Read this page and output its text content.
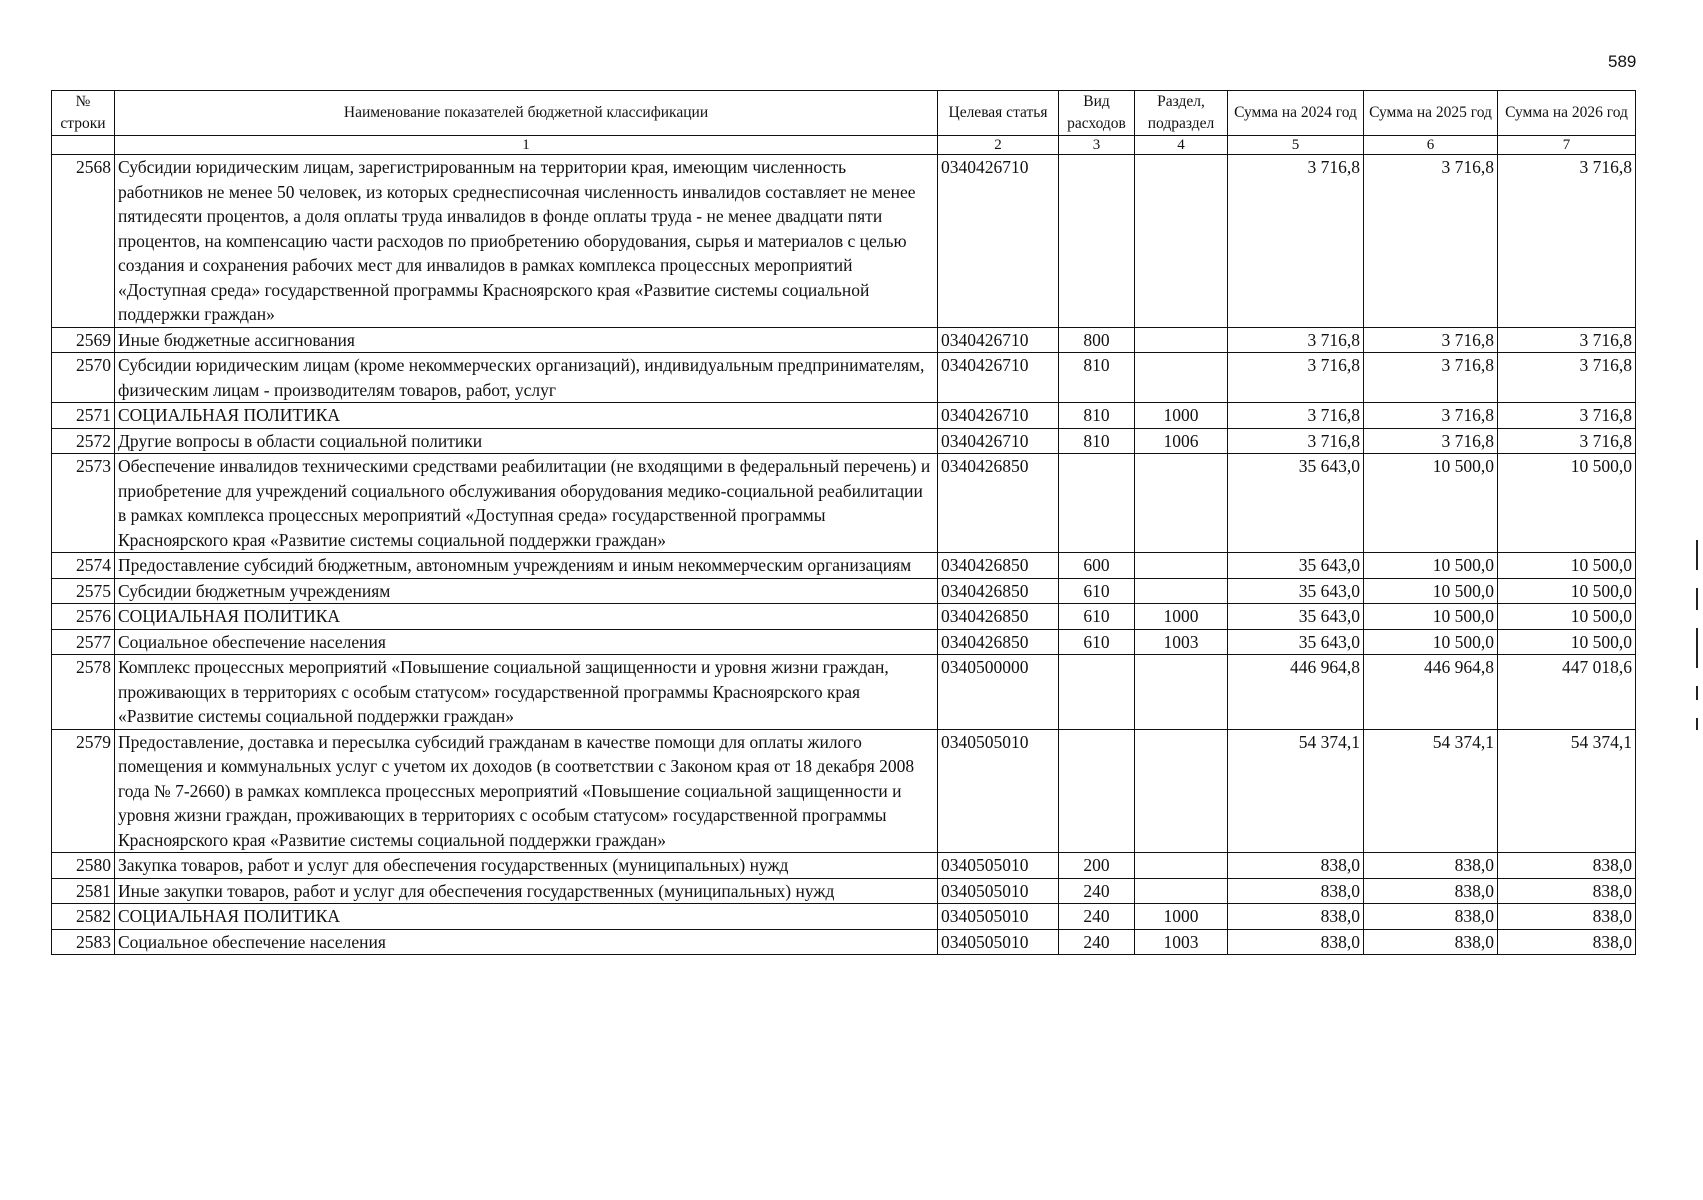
589
№ строки	Наименование показателей бюджетной классификации	Целевая статья	Вид расходов	Раздел, подраздел	Сумма на 2024 год	Сумма на 2025 год	Сумма на 2026 год
	1	2	3	4	5	6	7
2568	Субсидии юридическим лицам, зарегистрированным на территории края, имеющим численность работников не менее 50 человек, из которых среднесписочная численность инвалидов составляет не менее пятидесяти процентов, а доля оплаты труда инвалидов в фонде оплаты труда - не менее двадцати пяти процентов, на компенсацию части расходов по приобретению оборудования, сырья и материалов с целью создания и сохранения рабочих мест для инвалидов в рамках комплекса процессных мероприятий «Доступная среда» государственной программы Красноярского края «Развитие системы социальной поддержки граждан»	0340426710			3 716,8	3 716,8	3 716,8
2569	Иные бюджетные ассигнования	0340426710	800		3 716,8	3 716,8	3 716,8
2570	Субсидии юридическим лицам (кроме некоммерческих организаций), индивидуальным предпринимателям, физическим лицам - производителям товаров, работ, услуг	0340426710	810		3 716,8	3 716,8	3 716,8
2571	СОЦИАЛЬНАЯ ПОЛИТИКА	0340426710	810	1000	3 716,8	3 716,8	3 716,8
2572	Другие вопросы в области социальной политики	0340426710	810	1006	3 716,8	3 716,8	3 716,8
2573	Обеспечение инвалидов техническими средствами реабилитации (не входящими в федеральный перечень) и приобретение для учреждений социального обслуживания оборудования медико-социальной реабилитации в рамках комплекса процессных мероприятий «Доступная среда» государственной программы Красноярского края «Развитие системы социальной поддержки граждан»	0340426850			35 643,0	10 500,0	10 500,0
2574	Предоставление субсидий бюджетным, автономным учреждениям и иным некоммерческим организациям	0340426850	600		35 643,0	10 500,0	10 500,0
2575	Субсидии бюджетным учреждениям	0340426850	610		35 643,0	10 500,0	10 500,0
2576	СОЦИАЛЬНАЯ ПОЛИТИКА	0340426850	610	1000	35 643,0	10 500,0	10 500,0
2577	Социальное обеспечение населения	0340426850	610	1003	35 643,0	10 500,0	10 500,0
2578	Комплекс процессных мероприятий «Повышение социальной защищенности и уровня жизни граждан, проживающих в территориях с особым статусом» государственной программы Красноярского края «Развитие системы социальной поддержки граждан»	0340500000			446 964,8	446 964,8	447 018,6
2579	Предоставление, доставка и пересылка субсидий гражданам в качестве помощи для оплаты жилого помещения и коммунальных услуг с учетом их доходов (в соответствии с Законом края от 18 декабря 2008 года № 7-2660) в рамках комплекса процессных мероприятий «Повышение социальной защищенности и уровня жизни граждан, проживающих в территориях с особым статусом» государственной программы Красноярского края «Развитие системы социальной поддержки граждан»	0340505010			54 374,1	54 374,1	54 374,1
2580	Закупка товаров, работ и услуг для обеспечения государственных (муниципальных) нужд	0340505010	200		838,0	838,0	838,0
2581	Иные закупки товаров, работ и услуг для обеспечения государственных (муниципальных) нужд	0340505010	240		838,0	838,0	838,0
2582	СОЦИАЛЬНАЯ ПОЛИТИКА	0340505010	240	1000	838,0	838,0	838,0
2583	Социальное обеспечение населения	0340505010	240	1003	838,0	838,0	838,0
